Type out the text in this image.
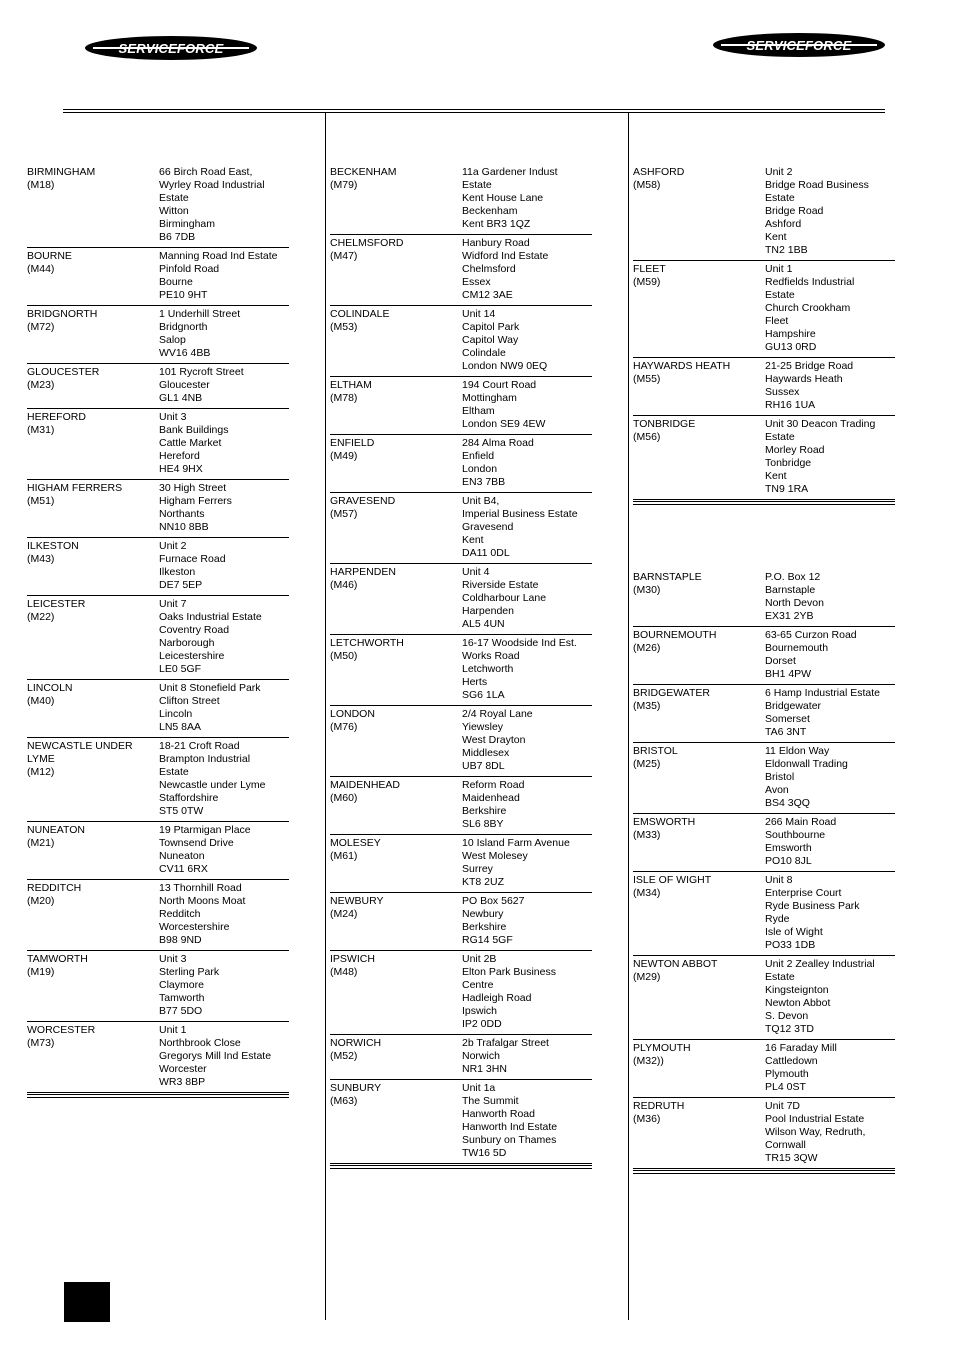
BIRMINGHAM
(M18)
66 Birch Road East,
Wyrley Road Industrial
Estate
Witton
Birmingham
B6 7DB
BOURNE
(M44)
Manning Road Ind Estate
Pinfold Road
Bourne
PE10 9HT
BRIDGNORTH
(M72)
1 Underhill Street
Bridgnorth
Salop
WV16 4BB
GLOUCESTER
(M23)
101 Rycroft Street
Gloucester
GL1 4NB
HEREFORD
(M31)
Unit 3
Bank Buildings
Cattle Market
Hereford
HE4 9HX
HIGHAM FERRERS
(M51)
30 High Street
Higham Ferrers
Northants
NN10 8BB
ILKESTON
(M43)
Unit 2
Furnace Road
Ilkeston
DE7 5EP
LEICESTER
(M22)
Unit 7
Oaks Industrial Estate
Coventry Road
Narborough
Leicestershire
LE0 5GF
LINCOLN
(M40)
Unit 8 Stonefield Park
Clifton Street
Lincoln
LN5 8AA
NEWCASTLE UNDER LYME
(M12)
18-21 Croft Road
Brampton Industrial
Estate
Newcastle under Lyme
Staffordshire
ST5 0TW
NUNEATON
(M21)
19 Ptarmigan Place
Townsend Drive
Nuneaton
CV11 6RX
REDDITCH
(M20)
13 Thornhill Road
North Moons Moat
Redditch
Worcestershire
B98 9ND
TAMWORTH
(M19)
Unit 3
Sterling Park
Claymore
Tamworth
B77 5DO
WORCESTER
(M73)
Unit 1
Northbrook Close
Gregorys Mill Ind Estate
Worcester
WR3 8BP
BECKENHAM
(M79)
11a Gardener Indust
Estate
Kent House Lane
Beckenham
Kent BR3 1QZ
CHELMSFORD
(M47)
Hanbury Road
Widford Ind Estate
Chelmsford
Essex
CM12 3AE
COLINDALE
(M53)
Unit 14
Capitol Park
Capitol Way
Colindale
London NW9 0EQ
ELTHAM
(M78)
194 Court Road
Mottingham
Eltham
London SE9 4EW
ENFIELD
(M49)
284 Alma Road
Enfield
London
EN3 7BB
GRAVESEND
(M57)
Unit B4,
Imperial Business Estate
Gravesend
Kent
DA11 0DL
HARPENDEN
(M46)
Unit 4
Riverside Estate
Coldharbour Lane
Harpenden
AL5 4UN
LETCHWORTH
(M50)
16-17 Woodside Ind Est.
Works Road
Letchworth
Herts
SG6 1LA
LONDON
(M76)
2/4 Royal Lane
Yiewsley
West Drayton
Middlesex
UB7 8DL
MAIDENHEAD
(M60)
Reform Road
Maidenhead
Berkshire
SL6 8BY
MOLESEY
(M61)
10 Island Farm Avenue
West Molesey
Surrey
KT8 2UZ
NEWBURY
(M24)
PO Box 5627
Newbury
Berkshire
RG14 5GF
IPSWICH
(M48)
Unit 2B
Elton Park Business
Centre
Hadleigh Road
Ipswich
IP2 0DD
NORWICH
(M52)
2b Trafalgar Street
Norwich
NR1 3HN
SUNBURY
(M63)
Unit 1a
The Summit
Hanworth Road
Hanworth Ind Estate
Sunbury on Thames
TW16 5D
ASHFORD
(M58)
Unit 2
Bridge Road Business
Estate
Bridge Road
Ashford
Kent
TN2 1BB
FLEET
(M59)
Unit 1
Redfields Industrial
Estate
Church Crookham
Fleet
Hampshire
GU13 0RD
HAYWARDS HEATH
(M55)
21-25 Bridge Road
Haywards Heath
Sussex
RH16 1UA
TONBRIDGE
(M56)
Unit 30 Deacon Trading
Estate
Morley Road
Tonbridge
Kent
TN9 1RA
BARNSTAPLE
(M30)
P.O. Box 12
Barnstaple
North Devon
EX31 2YB
BOURNEMOUTH
(M26)
63-65 Curzon Road
Bournemouth
Dorset
BH1 4PW
BRIDGEWATER
(M35)
6 Hamp Industrial Estate
Bridgewater
Somerset
TA6 3NT
BRISTOL
(M25)
11 Eldon Way
Eldonwall Trading
Bristol
Avon
BS4 3QQ
EMSWORTH
(M33)
266 Main Road
Southbourne
Emsworth
PO10 8JL
ISLE OF WIGHT
(M34)
Unit 8
Enterprise Court
Ryde Business Park
Ryde
Isle of Wight
PO33 1DB
NEWTON ABBOT
(M29)
Unit 2 Zealley Industrial
Estate
Kingsteignton
Newton Abbot
S. Devon
TQ12 3TD
PLYMOUTH
(M32))
16 Faraday Mill
Cattledown
Plymouth
PL4 0ST
REDRUTH
(M36)
Unit 7D
Pool Industrial Estate
Wilson Way, Redruth,
Cornwall
TR15 3QW
